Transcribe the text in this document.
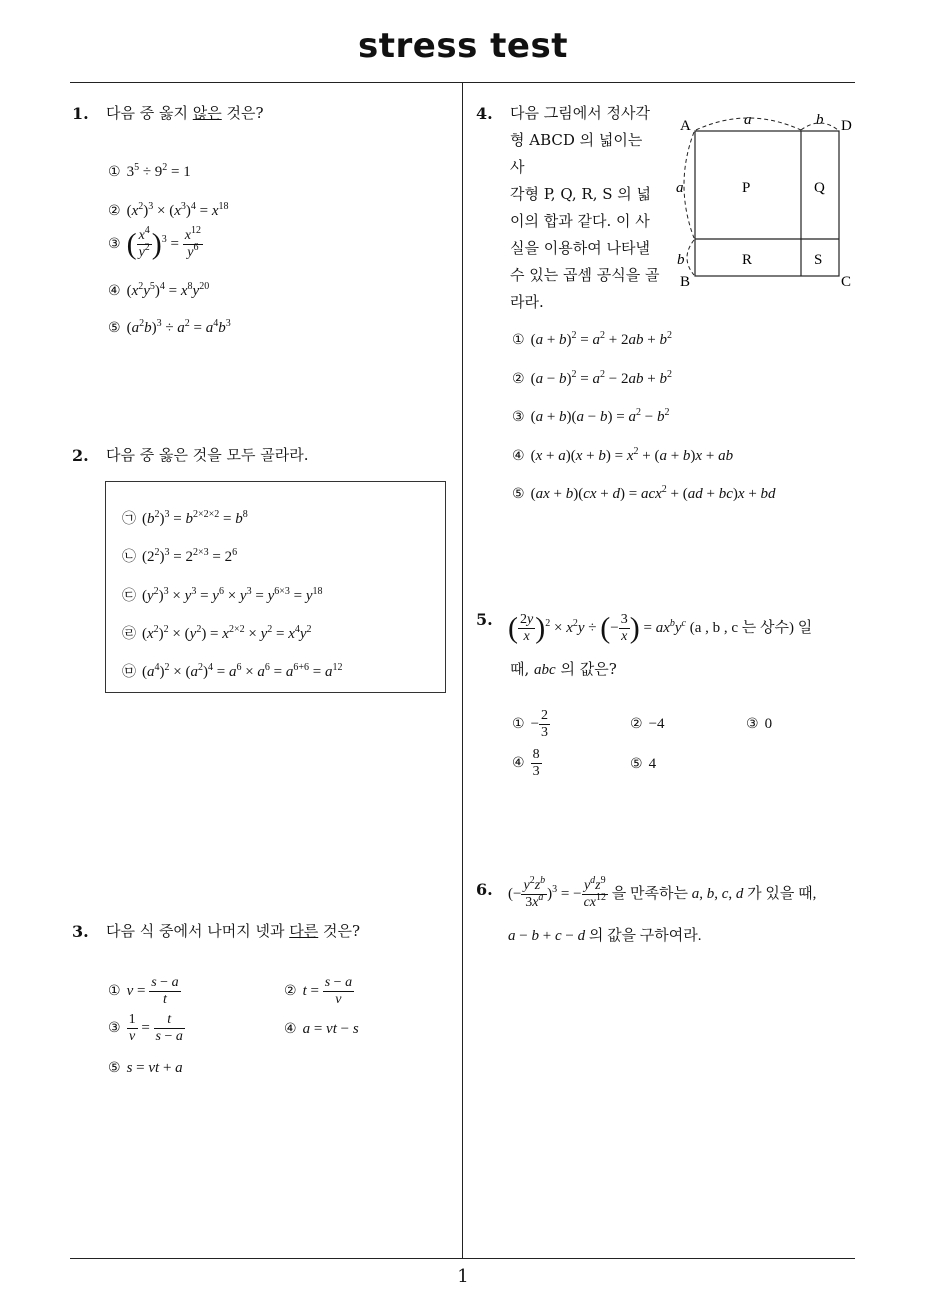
stress test
1
1. 다음 중 옳지 않은 것은?
① $3^5 \div 9^2 = 1$
② $(x^2)^3 \times (x^3)^4 = x^{18}$
③ ( $\frac{x^4}{y^2} )^3 = \frac{x^{12}}{y^6}$
④ $(x^2y^5)^4 = x^8y^{20}$
⑤ $(a^2b)^3 \div a^2 = a^4b^3$
2. 다음 중 옳은 것을 모두 골라라.
㉠ $(b^2)^3 = b^{2\times 2\times 2} = b^8$
㉡ $(2^2)^3 = 2^{2\times 3} = 2^6$
㉢ $(y^2)^3 \times y^3 = y^6 \times y^3 = y^{6\times 3} = y^{18}$
㉣ $(x^2)^2 \times (y^2) = x^{2\times 2} \times y^2 = x^4y^2$
㉤ $(a^4)^2 \times (a^2)^4 = a^6 \times a^6 = a^{6+6} = a^{12}$
3. 다음 식 중에서 나머지 넷과 다른 것은?
① $v = \frac{s - a}{t}$	② $t = \frac{s - a}{v}$
③ $\frac{1}{v} = \frac{t}{s - a}$	④ a = vt − s
⑤ s = vt + a
4. 다음 그림에서 정사각
형 ABCD 의 넓이는 사
각형 P, Q, R, S 의 넓
이의 합과 같다. 이 사
실을 이용하여 나타낼
수 있는 곱셈 공식을 골
라라.
A
B	C
D
P	Q
R	S
a	b
a
b
① $(a + b)^2 = a^2 + 2ab + b^2$
② $(a - b)^2 = a^2 - 2ab + b^2$
③ $(a + b)(a - b) = a^2 - b^2$
④ $(x + a)(x + b) = x^2 + (a + b)x$ + ab
⑤ (ax + b)(cx + d) = acx$^2$ + (ad + bc)x + bd
5. ( $\frac{2y}{x} )^2 \times x^2y$ ÷ (− $\frac{3}{x}$ ) = $ax^by^c$ (a , b , c 는 상수) 일
때, abc 의 값은?
① − $\frac{2}{3}$	② −4	③ 0
④ $\frac{8}{3}$	⑤ 4
6. (− $\frac{y^2z^b}{3x^a} )^3$ = − $\frac{y^dz^9}{cx^{12}}$ 을 만족하는 a, b, c, d 가 있을 때,
a − b + c − d 의 값을 구하여라.
